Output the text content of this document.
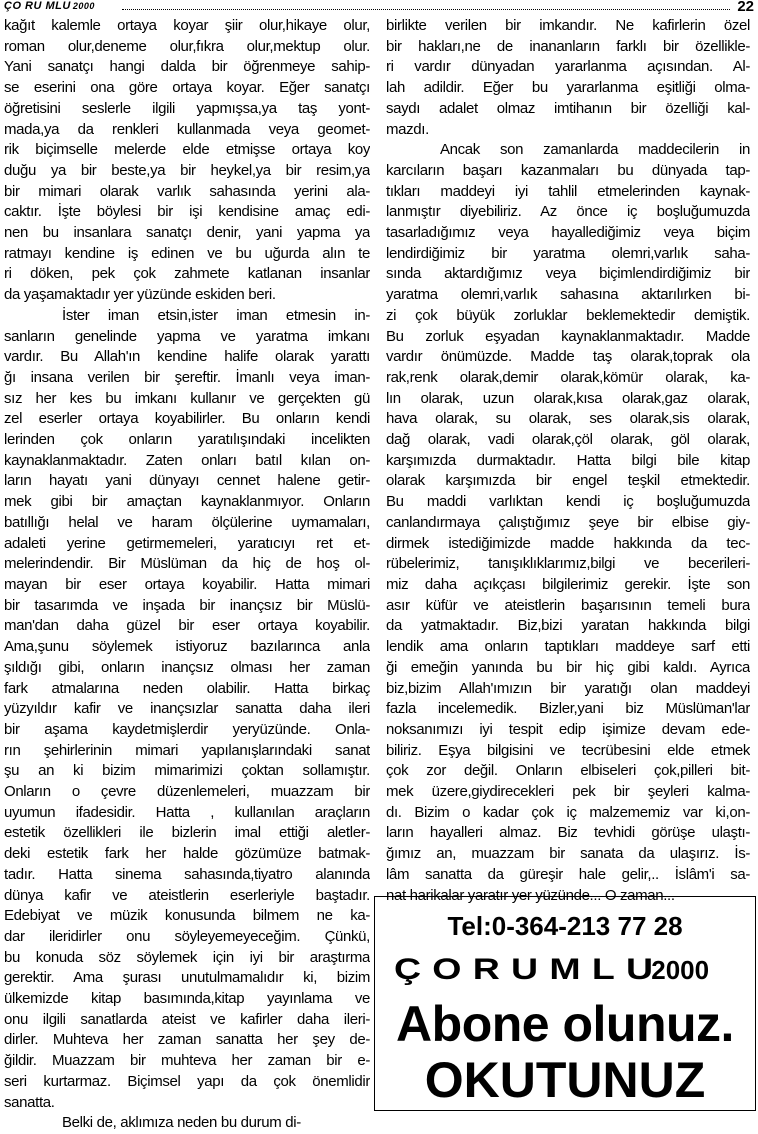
ÇO RU MLU 2000	22

kağıt kalemle ortaya koyar şiir olur,hikaye olur,

roman olur,deneme olur,fıkra olur,mektup olur.

Yani sanatçı hangi dalda bir öğrenmeye sahip-

se eserini ona göre ortaya koyar. Eğer sanatçı

öğretisini seslerle ilgili yapmışsa,ya taş yont-

mada,ya da renkleri kullanmada veya geomet-

rik biçimselle melerde elde etmişse ortaya koy

duğu ya bir beste,ya bir heykel,ya bir resim,ya

bir mimari olarak varlık sahasında yerini ala-

caktır. İşte böylesi bir işi kendisine amaç edi-

nen bu insanlara sanatçı denir, yani yapma ya

ratmayı kendine iş edinen ve bu uğurda alın te

ri döken, pek çok zahmete katlanan insanlar

da yaşamaktadır yer yüzünde eskiden beri.

İster iman etsin,ister iman etmesin in-

sanların genelinde yapma ve yaratma imkanı

vardır. Bu Allah'ın kendine halife olarak yarattı

ğı insana verilen bir şereftir. İmanlı veya iman-

sız her kes bu imkanı kullanır ve gerçekten gü

zel eserler ortaya koyabilirler. Bu onların kendi

lerinden çok onların yaratılışındaki incelikten

kaynaklanmaktadır. Zaten onları batıl kılan on-

ların hayatı yani dünyayı cennet halene getir-

mek gibi bir amaçtan kaynaklanmıyor. Onların

batıllığı helal ve haram ölçülerine uymamaları,

adaleti yerine getirmemeleri, yaratıcıyı ret et-

melerindendir. Bir Müslüman da hiç de hoş ol-

mayan bir eser ortaya koyabilir. Hatta mimari

bir tasarımda ve inşada bir inançsız bir Müslü-

man'dan daha güzel bir eser ortaya koyabilir.

Ama,şunu söylemek istiyoruz bazılarınca anla

şıldığı gibi, onların inançsız olması her zaman

fark atmalarına neden olabilir. Hatta birkaç

yüzyıldır kafir ve inançsızlar sanatta daha ileri

bir aşama kaydetmişlerdir yeryüzünde. Onla-

rın şehirlerinin mimari yapılanışlarındaki sanat

şu an ki bizim mimarimizi çoktan sollamıştır.

Onların o çevre düzenlemeleri, muazzam bir

uyumun ifadesidir. Hatta , kullanılan araçların

estetik özellikleri ile bizlerin imal ettiği aletler-

deki estetik fark her halde gözümüze batmak-

tadır. Hatta sinema sahasında,tiyatro alanında

dünya kafir ve ateistlerin eserleriyle baştadır.

Edebiyat ve müzik konusunda bilmem ne ka-

dar ileridirler onu söyleyemeyeceğim. Çünkü,

bu konuda söz söylemek için iyi bir araştırma

gerektir. Ama şurası unutulmamalıdır ki, bizim

ülkemizde kitap basımında,kitap yayınlama ve

onu ilgili sanatlarda ateist ve kafirler daha ileri-

dirler. Muhteva her zaman sanatta her şey de-

ğildir. Muazzam bir muhteva her zaman bir e-

seri kurtarmaz. Biçimsel yapı da çok önemlidir

sanatta.

Belki de, aklımıza neden bu durum di-

birlikte verilen bir imkandır. Ne kafirlerin özel

bir hakları,ne de inananların farklı bir özellikle-

ri vardır dünyadan yararlanma açısından. Al-

lah adildir. Eğer bu yararlanma eşitliği olma-

saydı adalet olmaz imtihanın bir özelliği kal-

mazdı.

Ancak son zamanlarda maddecilerin in

karcıların başarı kazanmaları bu dünyada tap-

tıkları maddeyi iyi tahlil etmelerinden kaynak-

lanmıştır diyebiliriz. Az önce iç boşluğumuzda

tasarladığımız veya hayallediğimiz veya biçim

lendirdiğimiz bir yaratma olemri,varlık saha-

sında aktardığımız veya biçimlendirdiğimiz bir

yaratma olemri,varlık sahasına aktarılırken bi-

zi çok büyük zorluklar beklemektedir demiştik.

Bu zorluk eşyadan kaynaklanmaktadır. Madde

vardır önümüzde. Madde taş olarak,toprak ola

rak,renk olarak,demir olarak,kömür olarak, ka-

lın olarak, uzun olarak,kısa olarak,gaz olarak,

hava olarak, su olarak, ses olarak,sis olarak,

dağ olarak, vadi olarak,çöl olarak, göl olarak,

karşımızda durmaktadır. Hatta bilgi bile kitap

olarak karşımızda bir engel teşkil etmektedir.

Bu maddi varlıktan kendi iç boşluğumuzda

canlandırmaya çalıştığımız şeye bir elbise giy-

dirmek istediğimizde madde hakkında da tec-

rübelerimiz, tanışıklıklarımız,bilgi ve becerileri-

miz daha açıkçası bilgilerimiz gerekir. İşte son

asır küfür ve ateistlerin başarısının temeli bura

da yatmaktadır. Biz,bizi yaratan hakkında bilgi

lendik ama onların taptıkları maddeye sarf etti

ği emeğin yanında bu bir hiç gibi kaldı. Ayrıca

biz,bizim Allah'ımızın bir yaratığı olan maddeyi

fazla incelemedik. Bizler,yani biz Müslüman'lar

noksanımızı iyi tespit edip işimize devam ede-

biliriz. Eşya bilgisini ve tecrübesini elde etmek

çok zor değil. Onların elbiseleri çok,pilleri bit-

mek üzere,giydirecekleri pek bir şeyleri kalma-

dı. Bizim o kadar çok iç malzememiz var ki,on-

ların hayalleri almaz. Biz tevhidi görüşe ulaştı-

ğımız an, muazzam bir sanata da ulaşırız. İs-

lâm sanatta da güreşir hale gelir,.. İslâm'i sa-

nat harikalar yaratır yer yüzünde... O zaman...

Tel:0-364-213 77 28
ÇORUMLU2000
Abone olunuz.
OKUTUNUZ
